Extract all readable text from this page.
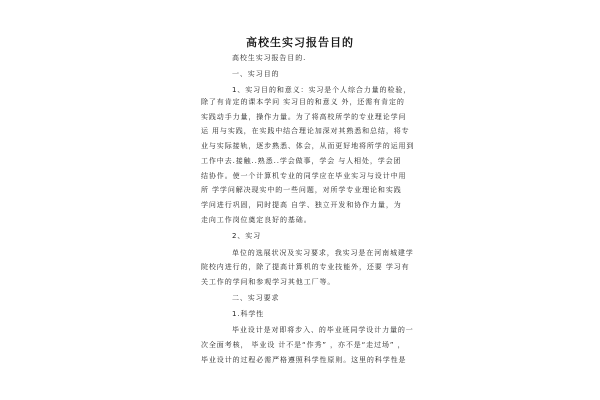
高校生实习报告目的
高校生实习报告目的.
一、实习目的
1、实习目的和意义：实习是个人综合力量的检验，
除了有肯定的课本学问 实习目的和意义 外，还需有肯定的
实践动手力量，操作力量。为了将高校所学的专业理论学问
运 用与实践，在实践中结合理论加深对其熟悉和总结，将专
业与实际接轨，逐步熟悉、体会，从而更好地将所学的运用到
工作中去.接触..熟悉..学会做事，学会 与人相处，学会团
结协作。使一个计算机专业的同学应在毕业实习与设计中用
所 学学问解决现实中的一些问题，对所学专业理论和实践
学问进行巩固，同时提高 自学、独立开发和协作力量，为
走向工作岗位奠定良好的基础。
2、实习
单位的选展状况及实习要求，我实习是在河南城建学
院校内进行的，除了提高计算机的专业技能外，还要 学习有
关工作的学问和参观学习其他工厂等。
二、实习要求
1.科学性
毕业设计是对即将步入、的毕业班同学设计力量的一
次全面考核， 毕业设 计不是“作秀” ，亦不是“走过场” ，
毕业设计的过程必需严格遵照科学性原则。这里的科学性是
